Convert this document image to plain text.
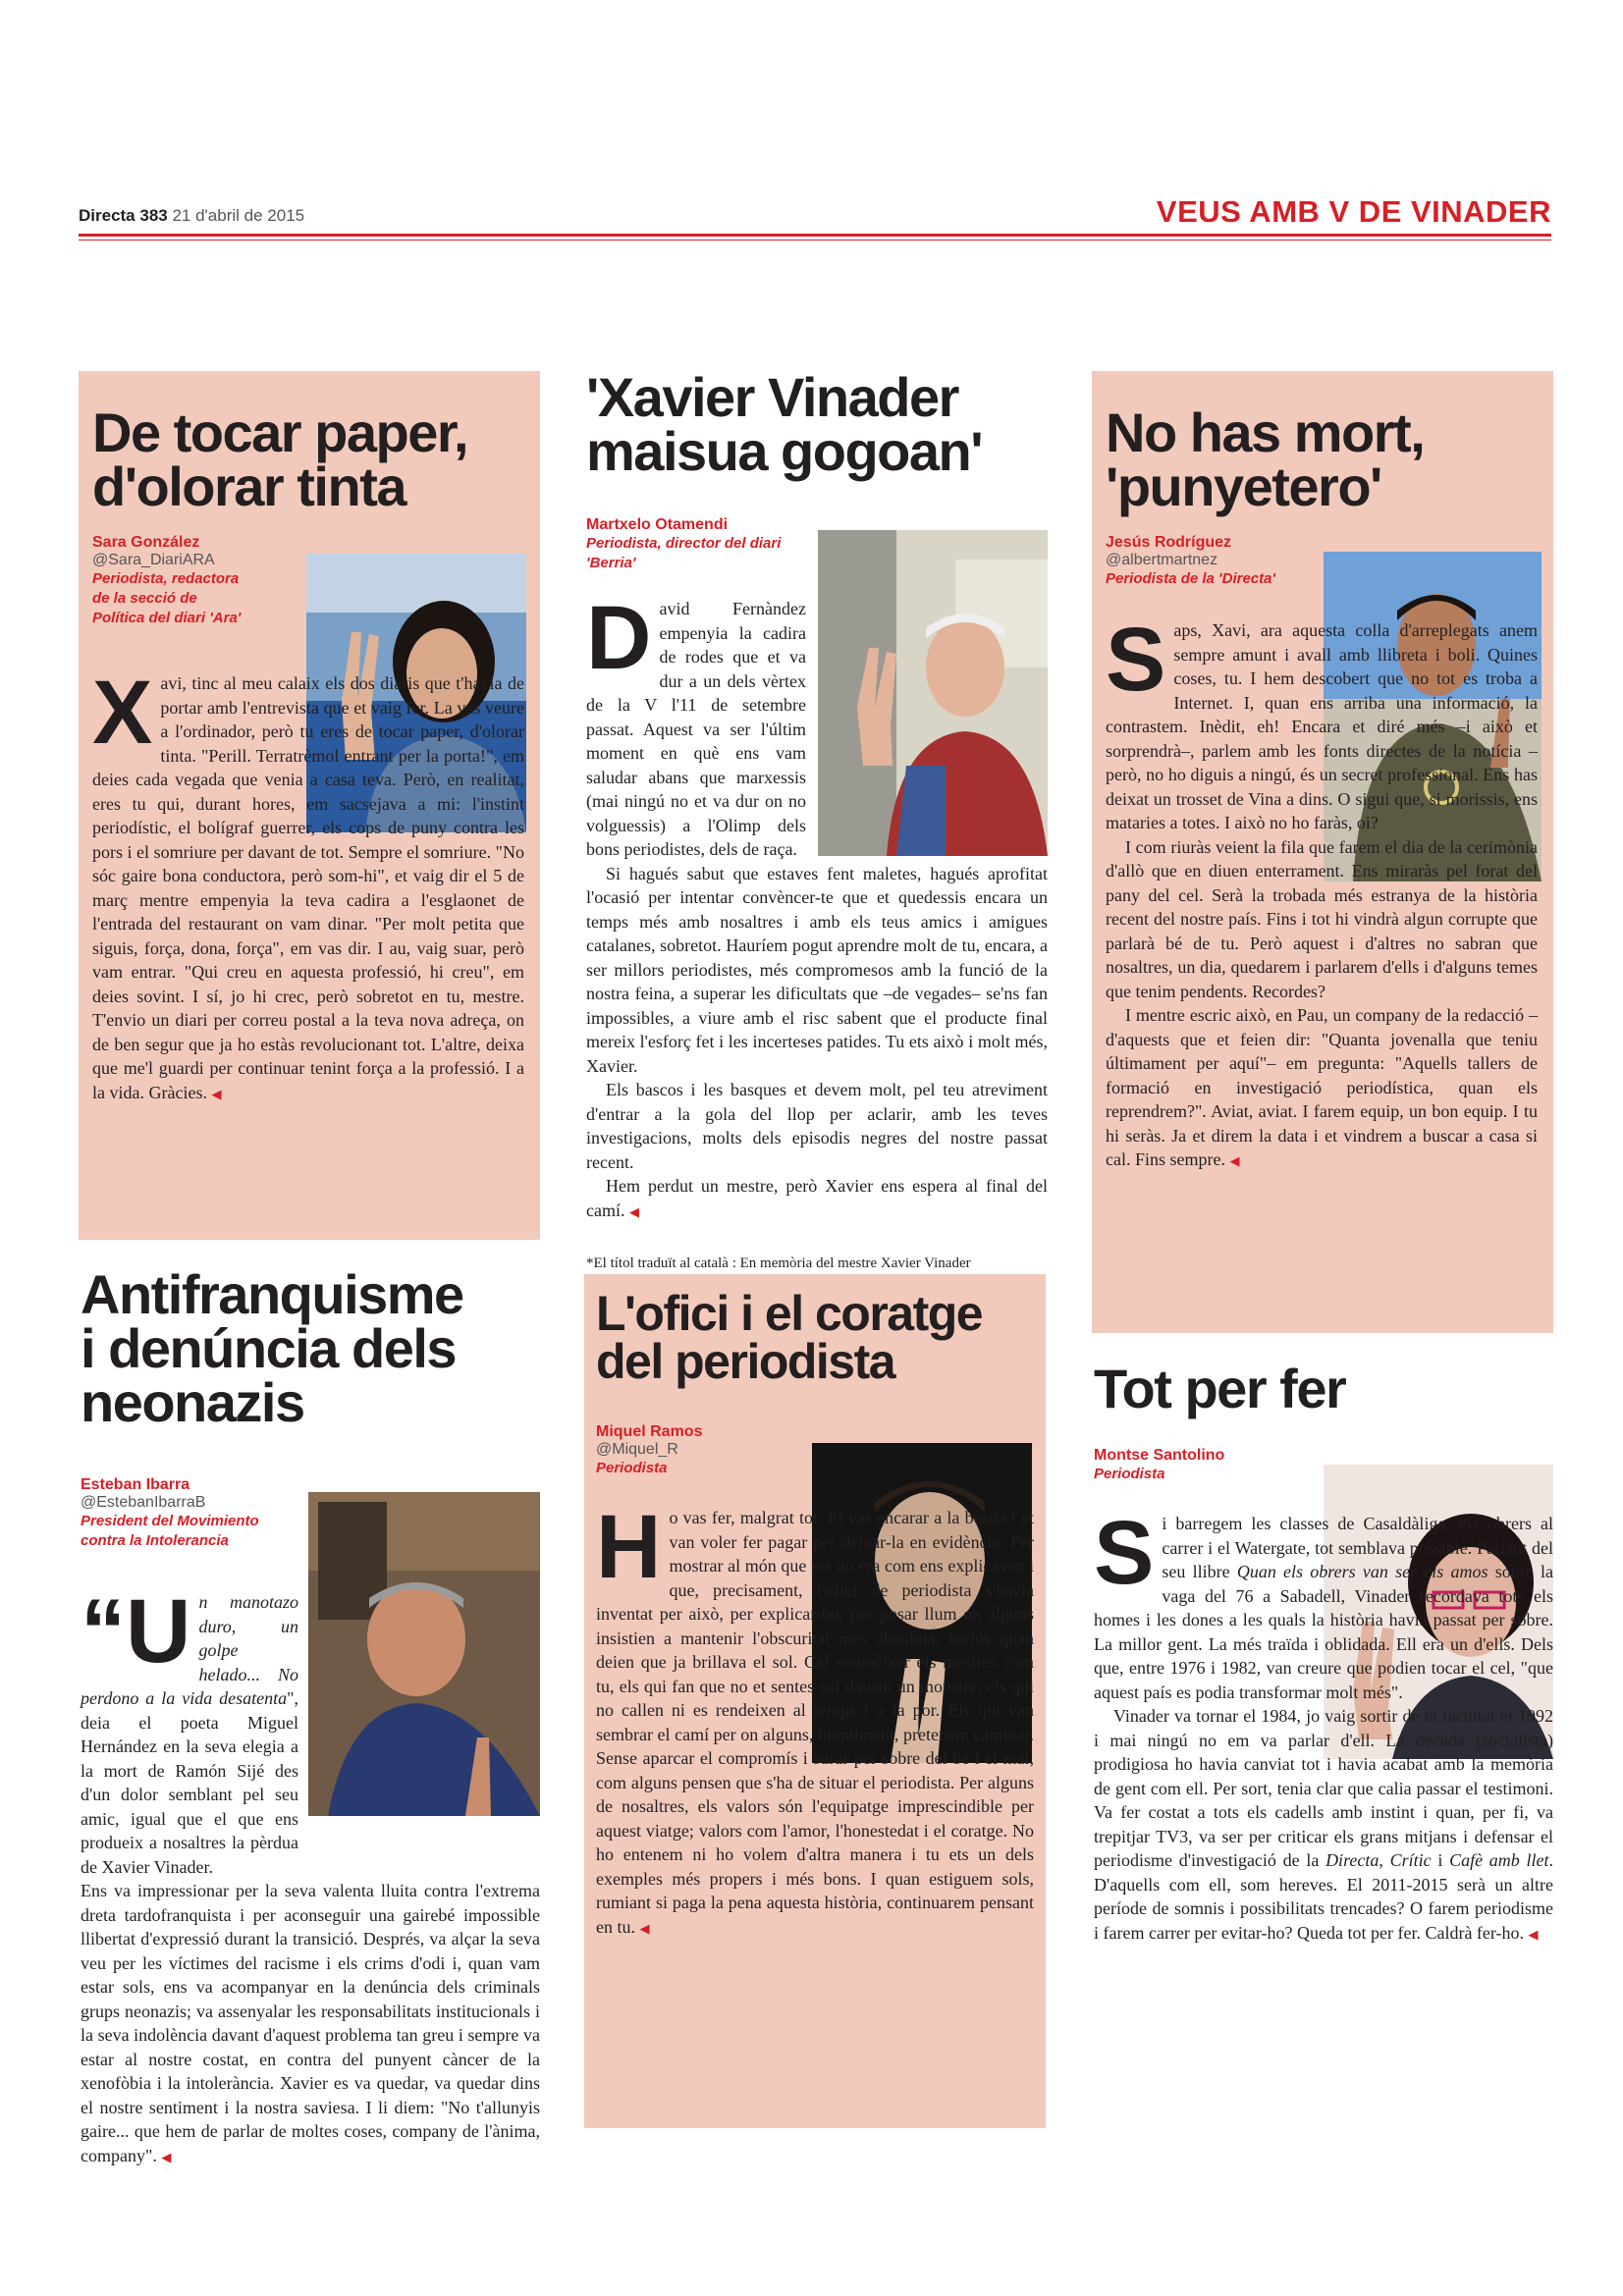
Directa 383 21 d'abril de 2015	VEUS AMB V DE VINADER
De tocar paper,
d'olorar tinta
Sara González
@Sara_DiariARA
Periodista, redactora de la secció de Política del diari 'Ara'

Xavi, tinc al meu calaix els dos diaris que t'havia de portar amb l'entrevista que et vaig fer. La vas veure a l'ordinador, però tu eres de tocar paper, d'olorar tinta. "Perill. Terratrèmol entrant per la porta!", em deies cada vegada que venia a casa teva. Però, en realitat, eres tu qui, durant hores, em sacsejava a mi: l'instint periodístic, el bolígraf guerrer, els cops de puny contra les pors i el somriure per davant de tot. Sempre el somriure. "No sóc gaire bona conductora, però som-hi", et vaig dir el 5 de març mentre empenyia la teva cadira a l'esglaonet de l'entrada del restaurant on vam dinar. "Per molt petita que siguis, força, dona, força", em vas dir. I au, vaig suar, però vam entrar. "Qui creu en aquesta professió, hi creu", em deies sovint. I sí, jo hi crec, però sobretot en tu, mestre. T'envio un diari per correu postal a la teva nova adreça, on de ben segur que ja ho estàs revolucionant tot. L'altre, deixa que me'l guardi per continuar tenint força a la professió. I a la vida. Gràcies. ◀

'Xavier Vinader
maisua gogoan'
Martxelo Otamendi
Periodista, director del diari 'Berria'

David Fernàndez empenyia la cadira de rodes que et va dur a un dels vèrtex de la V l'11 de setembre passat. Aquest va ser l'últim moment en què ens vam saludar abans que marxessis (mai ningú no et va dur on no volguessis) a l'Olimp dels bons periodistes, dels de raça.

Si hagués sabut que estaves fent maletes, hagués aprofitat l'ocasió per intentar convèncer-te que et quedessis encara un temps més amb nosaltres i amb els teus amics i amigues catalanes, sobretot. Hauríem pogut aprendre molt de tu, encara, a ser millors periodistes, més compromesos amb la funció de la nostra feina, a superar les dificultats que –de vegades– se'ns fan impossibles, a viure amb el risc sabent que el producte final mereix l'esforç fet i les incerteses patides. Tu ets això i molt més, Xavier.

Els bascos i les basques et devem molt, pel teu atreviment d'entrar a la gola del llop per aclarir, amb les teves investigacions, molts dels episodis negres del nostre passat recent.

Hem perdut un mestre, però Xavier ens espera al final del camí. ◀

*El títol traduït al català : En memòria del mestre Xavier Vinader

No has mort,
'punyetero'
Jesús Rodríguez
@albertmartnez
Periodista de la 'Directa'

Saps, Xavi, ara aquesta colla d'arreplegats anem sempre amunt i avall amb llibreta i boli. Quines coses, tu. I hem descobert que no tot es troba a Internet. I, quan ens arriba una informació, la contrastem. Inèdit, eh! Encara et diré més –i això et sorprendrà–, parlem amb les fonts directes de la notícia –però, no ho diguis a ningú, és un secret professional. Ens has deixat un trosset de Vina a dins. O sigui que, si morissis, ens mataries a totes. I això no ho faràs, oi?

I com riuràs veient la fila que farem el dia de la cerimònia d'allò que en diuen enterrament. Ens miraràs pel forat del pany del cel. Serà la trobada més estranya de la història recent del nostre país. Fins i tot hi vindrà algun corrupte que parlarà bé de tu. Però aquest i d'altres no sabran que nosaltres, un dia, quedarem i parlarem d'ells i d'alguns temes que tenim pendents. Recordes?

I mentre escric això, en Pau, un company de la redacció –d'aquests que et feien dir: "Quanta jovenalla que teniu últimament per aquí"– em pregunta: "Aquells tallers de formació en investigació periodística, quan els reprendrem?". Aviat, aviat. I farem equip, un bon equip. I tu hi seràs. Ja et direm la data i et vindrem a buscar a casa si cal. Fins sempre. ◀

Antifranquisme
i denúncia dels
neonazis
Esteban Ibarra
@EstebanIbarraB
President del Movimiento contra la Intolerancia

“Un manotazo duro, un golpe helado... No perdono a la vida desatenta", deia el poeta Miguel Hernández en la seva elegia a la mort de Ramón Sijé des d'un dolor semblant pel seu amic, igual que el que ens produeix a nosaltres la pèrdua de Xavier Vinader.

Ens va impressionar per la seva valenta lluita contra l'extrema dreta tardofranquista i per aconseguir una gairebé impossible llibertat d'expressió durant la transició. Després, va alçar la seva veu per les víctimes del racisme i els crims d'odi i, quan vam estar sols, ens va acompanyar en la denúncia dels criminals grups neonazis; va assenyalar les responsabilitats institucionals i la seva indolència davant d'aquest problema tan greu i sempre va estar al nostre costat, en contra del punyent càncer de la xenofòbia i la intolerància. Xavier es va quedar, va quedar dins el nostre sentiment i la nostra saviesa. I li diem: "No t'allunyis gaire... que hem de parlar de moltes coses, company de l'ànima, company". ◀

L'ofici i el coratge
del periodista
Miquel Ramos
@Miquel_R
Periodista

Ho vas fer, malgrat tot. Et vas encarar a la bèstia i et van voler fer pagar per deixar-la en evidència. Per mostrar al món que res no era com ens explicaven i que, precisament, l'ofici de periodista s'havia inventat per això, per explicar-ho, per posar llum on alguns insistien a mantenir l'obscuritat més absoluta, inclús quan deien que ja brillava el sol. Cal reconèixer els mestres com tu, els qui fan que no et sentes sol davant un monstre, els qui no callen ni es rendeixen al temps i a la por. Els qui van sembrar el camí per on alguns, humilment, pretenem caminar. Sense aparcar el compromís i surar per sobre del bé i el mal, com alguns pensen que s'ha de situar el periodista. Per alguns de nosaltres, els valors són l'equipatge imprescindible per aquest viatge; valors com l'amor, l'honestedat i el coratge. No ho entenem ni ho volem d'altra manera i tu ets un dels exemples més propers i més bons. I quan estiguem sols, rumiant si paga la pena aquesta història, continuarem pensant en tu. ◀

Tot per fer
Montse Santolino
Periodista

Si barregem les classes de Casaldàliga, els obrers al carrer i el Watergate, tot semblava possible. Parlant del seu llibre Quan els obrers van ser els amos sobre la vaga del 76 a Sabadell, Vinader recordava tots els homes i les dones a les quals la història havia passat per sobre. La millor gent. La més traïda i oblidada. Ell era un d'ells. Dels que, entre 1976 i 1982, van creure que podien tocar el cel, "que aquest país es podia transformar molt més".

Vinader va tornar el 1984, jo vaig sortir de la facultat el 1992 i mai ningú no em va parlar d'ell. La dècada (socialista) prodigiosa ho havia canviat tot i havia acabat amb la memòria de gent com ell. Per sort, tenia clar que calia passar el testimoni. Va fer costat a tots els cadells amb instint i quan, per fi, va trepitjar TV3, va ser per criticar els grans mitjans i defensar el periodisme d'investigació de la Directa, Crític i Cafè amb llet. D'aquells com ell, som hereves. El 2011-2015 serà un altre període de somnis i possibilitats trencades? O farem periodisme i farem carrer per evitar-ho? Queda tot per fer. Caldrà fer-ho. ◀
